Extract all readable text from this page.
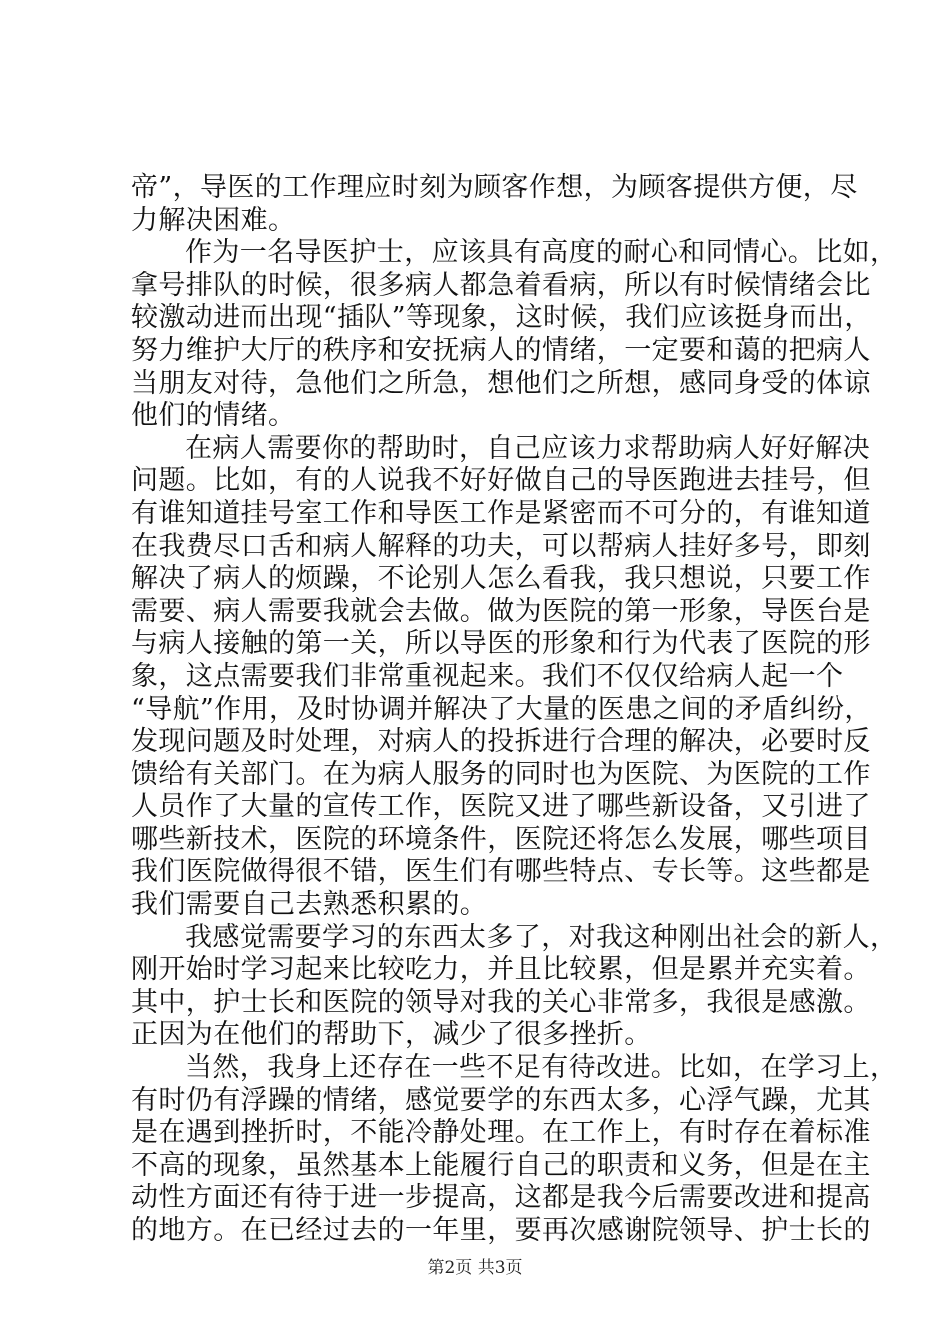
帝”，导医的工作理应时刻为顾客作想，为顾客提供方便，尽
力解决困难。
作为一名导医护士，应该具有高度的耐心和同情心。比如，
拿号排队的时候，很多病人都急着看病，所以有时候情绪会比
较激动进而出现“插队”等现象，这时候，我们应该挺身而出，
努力维护大厅的秩序和安抚病人的情绪，一定要和蔼的把病人
当朋友对待，急他们之所急，想他们之所想，感同身受的体谅
他们的情绪。
在病人需要你的帮助时，自己应该力求帮助病人好好解决
问题。比如，有的人说我不好好做自己的导医跑进去挂号，但
有谁知道挂号室工作和导医工作是紧密而不可分的，有谁知道
在我费尽口舌和病人解释的功夫，可以帮病人挂好多号，即刻
解决了病人的烦躁，不论别人怎么看我，我只想说，只要工作
需要、病人需要我就会去做。做为医院的第一形象，导医台是
与病人接触的第一关，所以导医的形象和行为代表了医院的形
象，这点需要我们非常重视起来。我们不仅仅给病人起一个
“导航”作用，及时协调并解决了大量的医患之间的矛盾纠纷，
发现问题及时处理，对病人的投拆进行合理的解决，必要时反
馈给有关部门。在为病人服务的同时也为医院、为医院的工作
人员作了大量的宣传工作，医院又进了哪些新设备，又引进了
哪些新技术，医院的环境条件，医院还将怎么发展，哪些项目
我们医院做得很不错，医生们有哪些特点、专长等。这些都是
我们需要自己去熟悉积累的。
我感觉需要学习的东西太多了，对我这种刚出社会的新人，
刚开始时学习起来比较吃力，并且比较累，但是累并充实着。
其中，护士长和医院的领导对我的关心非常多，我很是感激。
正因为在他们的帮助下，减少了很多挫折。
当然，我身上还存在一些不足有待改进。比如，在学习上，
有时仍有浮躁的情绪，感觉要学的东西太多，心浮气躁，尤其
是在遇到挫折时，不能冷静处理。在工作上，有时存在着标准
不高的现象，虽然基本上能履行自己的职责和义务，但是在主
动性方面还有待于进一步提高，这都是我今后需要改进和提高
的地方。在已经过去的一年里，要再次感谢院领导、护士长的
第2页 共3页
